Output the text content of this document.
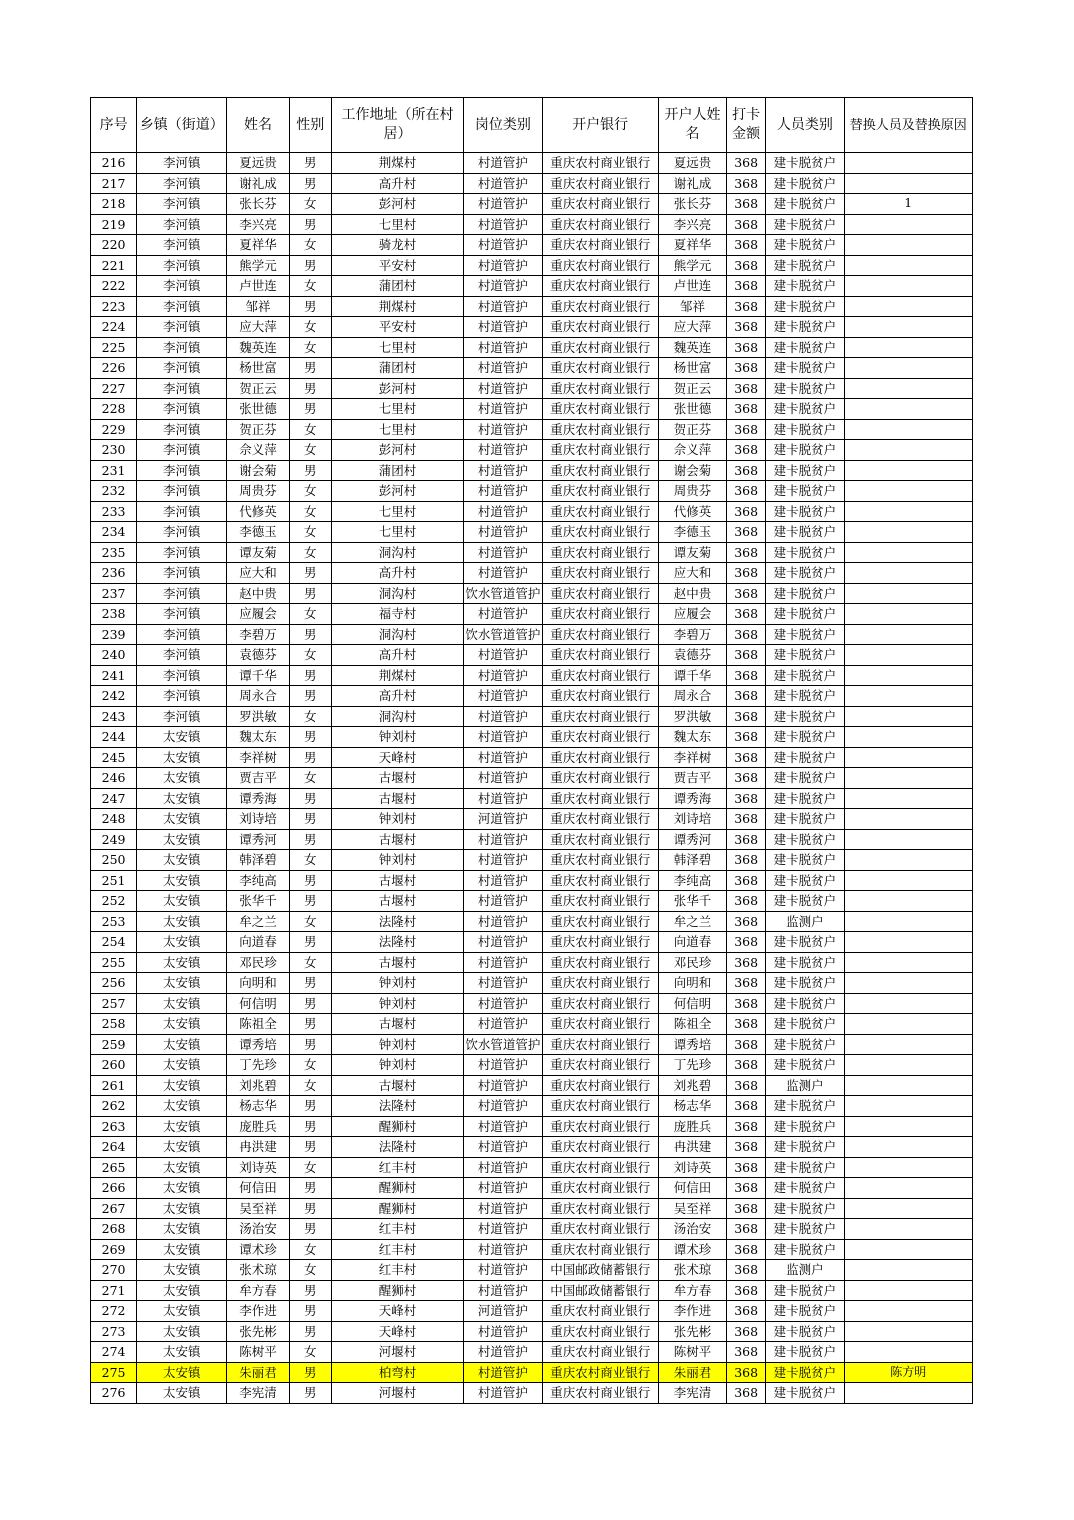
序号	乡镇（街道）	姓名	性别	工作地址（所在村居）	岗位类别	开户银行	开户人姓名	打卡金额	人员类别	替换人员及替换原因
216	李河镇	夏远贵	男	荆煤村	村道管护	重庆农村商业银行	夏远贵	368	建卡脱贫户	
217	李河镇	谢礼成	男	高升村	村道管护	重庆农村商业银行	谢礼成	368	建卡脱贫户	
218	李河镇	张长芬	女	彭河村	村道管护	重庆农村商业银行	张长芬	368	建卡脱贫户	1
219	李河镇	李兴亮	男	七里村	村道管护	重庆农村商业银行	李兴亮	368	建卡脱贫户	
220	李河镇	夏祥华	女	骑龙村	村道管护	重庆农村商业银行	夏祥华	368	建卡脱贫户	
221	李河镇	熊学元	男	平安村	村道管护	重庆农村商业银行	熊学元	368	建卡脱贫户	
222	李河镇	卢世连	女	蒲团村	村道管护	重庆农村商业银行	卢世连	368	建卡脱贫户	
223	李河镇	邹祥	男	荆煤村	村道管护	重庆农村商业银行	邹祥	368	建卡脱贫户	
224	李河镇	应大萍	女	平安村	村道管护	重庆农村商业银行	应大萍	368	建卡脱贫户	
225	李河镇	魏英连	女	七里村	村道管护	重庆农村商业银行	魏英连	368	建卡脱贫户	
226	李河镇	杨世富	男	蒲团村	村道管护	重庆农村商业银行	杨世富	368	建卡脱贫户	
227	李河镇	贺正云	男	彭河村	村道管护	重庆农村商业银行	贺正云	368	建卡脱贫户	
228	李河镇	张世德	男	七里村	村道管护	重庆农村商业银行	张世德	368	建卡脱贫户	
229	李河镇	贺正芬	女	七里村	村道管护	重庆农村商业银行	贺正芬	368	建卡脱贫户	
230	李河镇	佘义萍	女	彭河村	村道管护	重庆农村商业银行	佘义萍	368	建卡脱贫户	
231	李河镇	谢会菊	男	蒲团村	村道管护	重庆农村商业银行	谢会菊	368	建卡脱贫户	
232	李河镇	周贵芬	女	彭河村	村道管护	重庆农村商业银行	周贵芬	368	建卡脱贫户	
233	李河镇	代修英	女	七里村	村道管护	重庆农村商业银行	代修英	368	建卡脱贫户	
234	李河镇	李德玉	女	七里村	村道管护	重庆农村商业银行	李德玉	368	建卡脱贫户	
235	李河镇	谭友菊	女	洞沟村	村道管护	重庆农村商业银行	谭友菊	368	建卡脱贫户	
236	李河镇	应大和	男	高升村	村道管护	重庆农村商业银行	应大和	368	建卡脱贫户	
237	李河镇	赵中贵	男	洞沟村	饮水管道管护	重庆农村商业银行	赵中贵	368	建卡脱贫户	
238	李河镇	应履会	女	福寺村	村道管护	重庆农村商业银行	应履会	368	建卡脱贫户	
239	李河镇	李碧万	男	洞沟村	饮水管道管护	重庆农村商业银行	李碧万	368	建卡脱贫户	
240	李河镇	袁德芬	女	高升村	村道管护	重庆农村商业银行	袁德芬	368	建卡脱贫户	
241	李河镇	谭千华	男	荆煤村	村道管护	重庆农村商业银行	谭千华	368	建卡脱贫户	
242	李河镇	周永合	男	高升村	村道管护	重庆农村商业银行	周永合	368	建卡脱贫户	
243	李河镇	罗洪敏	女	洞沟村	村道管护	重庆农村商业银行	罗洪敏	368	建卡脱贫户	
244	太安镇	魏太东	男	钟刘村	村道管护	重庆农村商业银行	魏太东	368	建卡脱贫户	
245	太安镇	李祥树	男	天峰村	村道管护	重庆农村商业银行	李祥树	368	建卡脱贫户	
246	太安镇	贾吉平	女	古堰村	村道管护	重庆农村商业银行	贾吉平	368	建卡脱贫户	
247	太安镇	谭秀海	男	古堰村	村道管护	重庆农村商业银行	谭秀海	368	建卡脱贫户	
248	太安镇	刘诗培	男	钟刘村	河道管护	重庆农村商业银行	刘诗培	368	建卡脱贫户	
249	太安镇	谭秀河	男	古堰村	村道管护	重庆农村商业银行	谭秀河	368	建卡脱贫户	
250	太安镇	韩泽碧	女	钟刘村	村道管护	重庆农村商业银行	韩泽碧	368	建卡脱贫户	
251	太安镇	李纯高	男	古堰村	村道管护	重庆农村商业银行	李纯高	368	建卡脱贫户	
252	太安镇	张华千	男	古堰村	村道管护	重庆农村商业银行	张华千	368	建卡脱贫户	
253	太安镇	牟之兰	女	法隆村	村道管护	重庆农村商业银行	牟之兰	368	监测户	
254	太安镇	向道春	男	法隆村	村道管护	重庆农村商业银行	向道春	368	建卡脱贫户	
255	太安镇	邓民珍	女	古堰村	村道管护	重庆农村商业银行	邓民珍	368	建卡脱贫户	
256	太安镇	向明和	男	钟刘村	村道管护	重庆农村商业银行	向明和	368	建卡脱贫户	
257	太安镇	何信明	男	钟刘村	村道管护	重庆农村商业银行	何信明	368	建卡脱贫户	
258	太安镇	陈祖全	男	古堰村	村道管护	重庆农村商业银行	陈祖全	368	建卡脱贫户	
259	太安镇	谭秀培	男	钟刘村	饮水管道管护	重庆农村商业银行	谭秀培	368	建卡脱贫户	
260	太安镇	丁先珍	女	钟刘村	村道管护	重庆农村商业银行	丁先珍	368	建卡脱贫户	
261	太安镇	刘兆碧	女	古堰村	村道管护	重庆农村商业银行	刘兆碧	368	监测户	
262	太安镇	杨志华	男	法隆村	村道管护	重庆农村商业银行	杨志华	368	建卡脱贫户	
263	太安镇	庞胜兵	男	醒狮村	村道管护	重庆农村商业银行	庞胜兵	368	建卡脱贫户	
264	太安镇	冉洪建	男	法隆村	村道管护	重庆农村商业银行	冉洪建	368	建卡脱贫户	
265	太安镇	刘诗英	女	红丰村	村道管护	重庆农村商业银行	刘诗英	368	建卡脱贫户	
266	太安镇	何信田	男	醒狮村	村道管护	重庆农村商业银行	何信田	368	建卡脱贫户	
267	太安镇	吴至祥	男	醒狮村	村道管护	重庆农村商业银行	吴至祥	368	建卡脱贫户	
268	太安镇	汤治安	男	红丰村	村道管护	重庆农村商业银行	汤治安	368	建卡脱贫户	
269	太安镇	谭术珍	女	红丰村	村道管护	重庆农村商业银行	谭术珍	368	建卡脱贫户	
270	太安镇	张术琼	女	红丰村	村道管护	中国邮政储蓄银行	张术琼	368	监测户	
271	太安镇	牟方春	男	醒狮村	村道管护	中国邮政储蓄银行	牟方春	368	建卡脱贫户	
272	太安镇	李作进	男	天峰村	河道管护	重庆农村商业银行	李作进	368	建卡脱贫户	
273	太安镇	张先彬	男	天峰村	村道管护	重庆农村商业银行	张先彬	368	建卡脱贫户	
274	太安镇	陈树平	女	河堰村	村道管护	重庆农村商业银行	陈树平	368	建卡脱贫户	
275	太安镇	朱丽君	男	柏弯村	村道管护	重庆农村商业银行	朱丽君	368	建卡脱贫户	陈方明
276	太安镇	李宪清	男	河堰村	村道管护	重庆农村商业银行	李宪清	368	建卡脱贫户	
